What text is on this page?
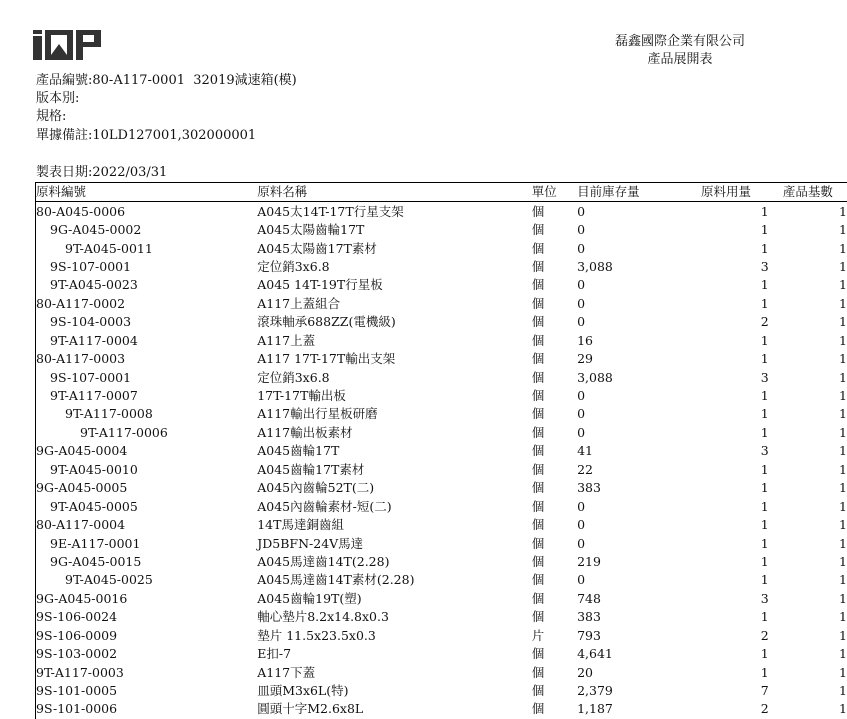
磊鑫國際企業有限公司
產品展開表
產品編號:80-A117-0001  32019減速箱(模)
版本別:
規格:
單據備註:10LD127001,302000001
製表日期:2022/03/31
原料編號	原料名稱	單位	目前庫存量	原料用量	產品基數
80-A045-0006	A045太14T-17T行星支架	個	0	1	1
9G-A045-0002	A045太陽齒輪17T	個	0	1	1
9T-A045-0011	A045太陽齒17T素材	個	0	1	1
9S-107-0001	定位銷3x6.8	個	3,088	3	1
9T-A045-0023	A045 14T-19T行星板	個	0	1	1
80-A117-0002	A117上蓋組合	個	0	1	1
9S-104-0003	滾珠軸承688ZZ(電機級)	個	0	2	1
9T-A117-0004	A117上蓋	個	16	1	1
80-A117-0003	A117 17T-17T輸出支架	個	29	1	1
9S-107-0001	定位銷3x6.8	個	3,088	3	1
9T-A117-0007	17T-17T輸出板	個	0	1	1
9T-A117-0008	A117輸出行星板研磨	個	0	1	1
9T-A117-0006	A117輸出板素材	個	0	1	1
9G-A045-0004	A045齒輪17T	個	41	3	1
9T-A045-0010	A045齒輪17T素材	個	22	1	1
9G-A045-0005	A045內齒輪52T(二)	個	383	1	1
9T-A045-0005	A045內齒輪素材-短(二)	個	0	1	1
80-A117-0004	14T馬達銅齒組	個	0	1	1
9E-A117-0001	JD5BFN-24V馬達	個	0	1	1
9G-A045-0015	A045馬達齒14T(2.28)	個	219	1	1
9T-A045-0025	A045馬達齒14T素材(2.28)	個	0	1	1
9G-A045-0016	A045齒輪19T(塑)	個	748	3	1
9S-106-0024	軸心墊片8.2x14.8x0.3	個	383	1	1
9S-106-0009	墊片 11.5x23.5x0.3	片	793	2	1
9S-103-0002	E扣-7	個	4,641	1	1
9T-A117-0003	A117下蓋	個	20	1	1
9S-101-0005	皿頭M3x6L(特)	個	2,379	7	1
9S-101-0006	圓頭十字M2.6x8L	個	1,187	2	1
